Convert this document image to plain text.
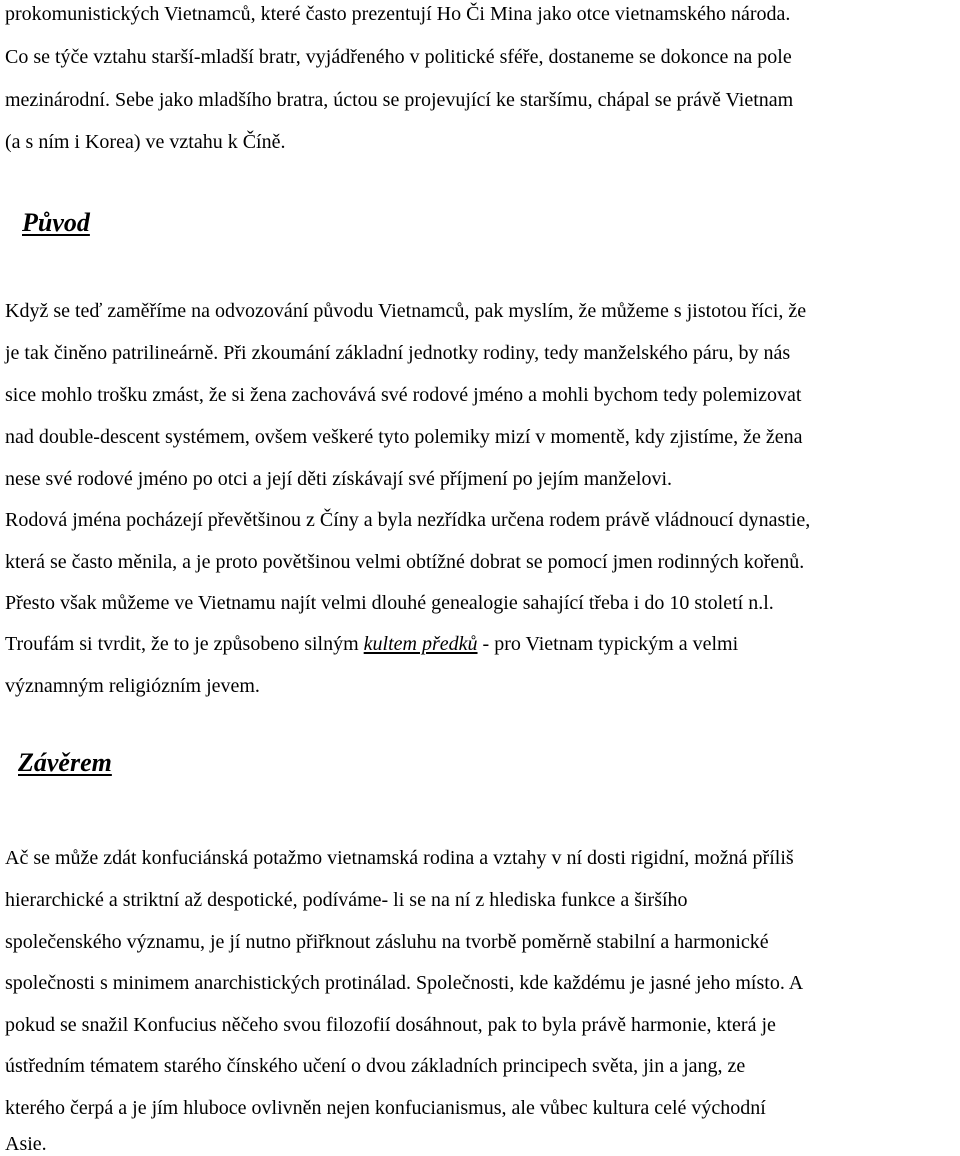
prokomunistických Vietnamců, které často prezentují Ho Či Mina jako otce vietnamského národa.
Co se týče vztahu starší-mladší bratr, vyjádřeného v politické sféře, dostaneme se dokonce na pole
mezinárodní. Sebe jako mladšího bratra, úctou se projevující ke staršímu, chápal se právě Vietnam
(a s ním i Korea) ve vztahu k Číně.
Původ
Když se teď zaměříme na odvozování původu Vietnamců, pak myslím, že můžeme s jistotou říci, že
je tak činěno patrilineárně. Při zkoumání základní jednotky rodiny, tedy manželského páru, by nás
sice mohlo trošku zmást, že si žena zachovává své rodové jméno a mohli bychom tedy polemizovat
nad double-descent systémem, ovšem veškeré tyto polemiky mizí v momentě, kdy zjistíme, že žena
nese své rodové jméno po otci a její děti získávají své příjmení po jejím manželovi.
Rodová jména pocházejí převětšinou z Číny a byla nezřídka určena rodem právě vládnoucí dynastie,
která se často měnila, a je proto povětšinou velmi obtížné dobrat se pomocí jmen rodinných kořenů.
Přesto však můžeme ve Vietnamu najít velmi dlouhé genealogie sahající třeba i do 10 století n.l.
Troufám si tvrdit, že to je způsobeno silným kultem předků - pro Vietnam typickým a velmi
významným religiózním jevem.
Závěrem
Ač se může zdát konfuciánská potažmo vietnamská rodina a vztahy v ní dosti rigidní, možná příliš
hierarchické a striktní až despotické, podíváme- li se na ní z hlediska funkce a širšího
společenského významu, je jí nutno přiřknout zásluhu na tvorbě poměrně stabilní a harmonické
společnosti s minimem anarchistických protinálad. Společnosti, kde každému je jasné jeho místo. A
pokud se snažil Konfucius něčeho svou filozofií dosáhnout, pak to byla právě harmonie, která je
ústředním tématem starého čínského učení o dvou základních principech světa, jin a jang, ze
kterého čerpá a je jím hluboce ovlivněn nejen konfucianismus, ale vůbec kultura celé východní
Asie.
